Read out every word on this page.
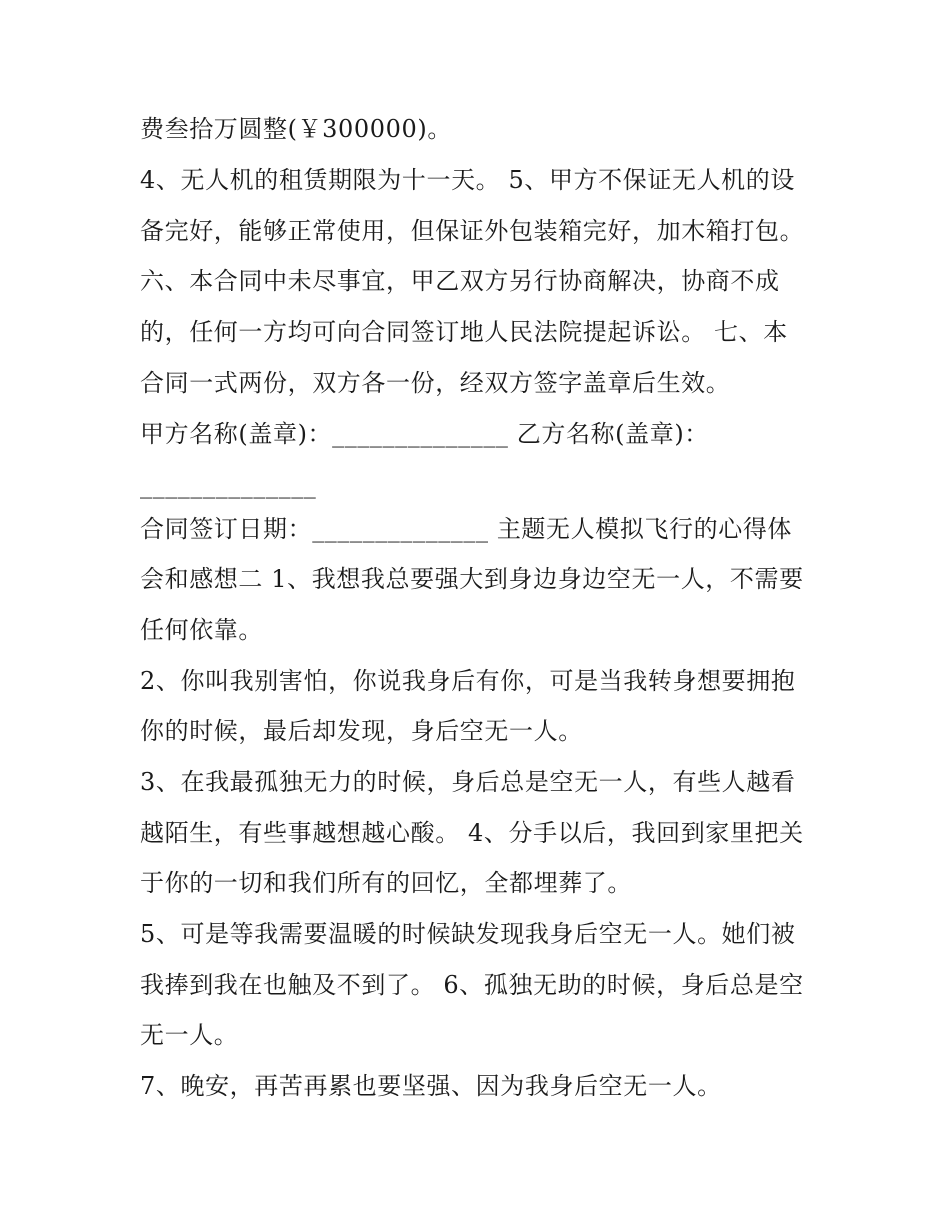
费叁拾万圆整(￥300000)。
4、无人机的租赁期限为十一天。 5、甲方不保证无人机的设
备完好，能够正常使用，但保证外包装箱完好，加木箱打包。
六、本合同中未尽事宜，甲乙双方另行协商解决，协商不成
的，任何一方均可向合同签订地人民法院提起诉讼。 七、本
合同一式两份，双方各一份，经双方签字盖章后生效。
甲方名称(盖章)：______________ 乙方名称(盖章)：
______________
合同签订日期：______________ 主题无人模拟飞行的心得体
会和感想二 1、我想我总要强大到身边身边空无一人，不需要
任何依靠。
2、你叫我别害怕，你说我身后有你，可是当我转身想要拥抱
你的时候，最后却发现，身后空无一人。
3、在我最孤独无力的时候，身后总是空无一人，有些人越看
越陌生，有些事越想越心酸。 4、分手以后，我回到家里把关
于你的一切和我们所有的回忆，全都埋葬了。
5、可是等我需要温暖的时候缺发现我身后空无一人。她们被
我捧到我在也触及不到了。 6、孤独无助的时候，身后总是空
无一人。
7、晚安，再苦再累也要坚强、因为我身后空无一人。
